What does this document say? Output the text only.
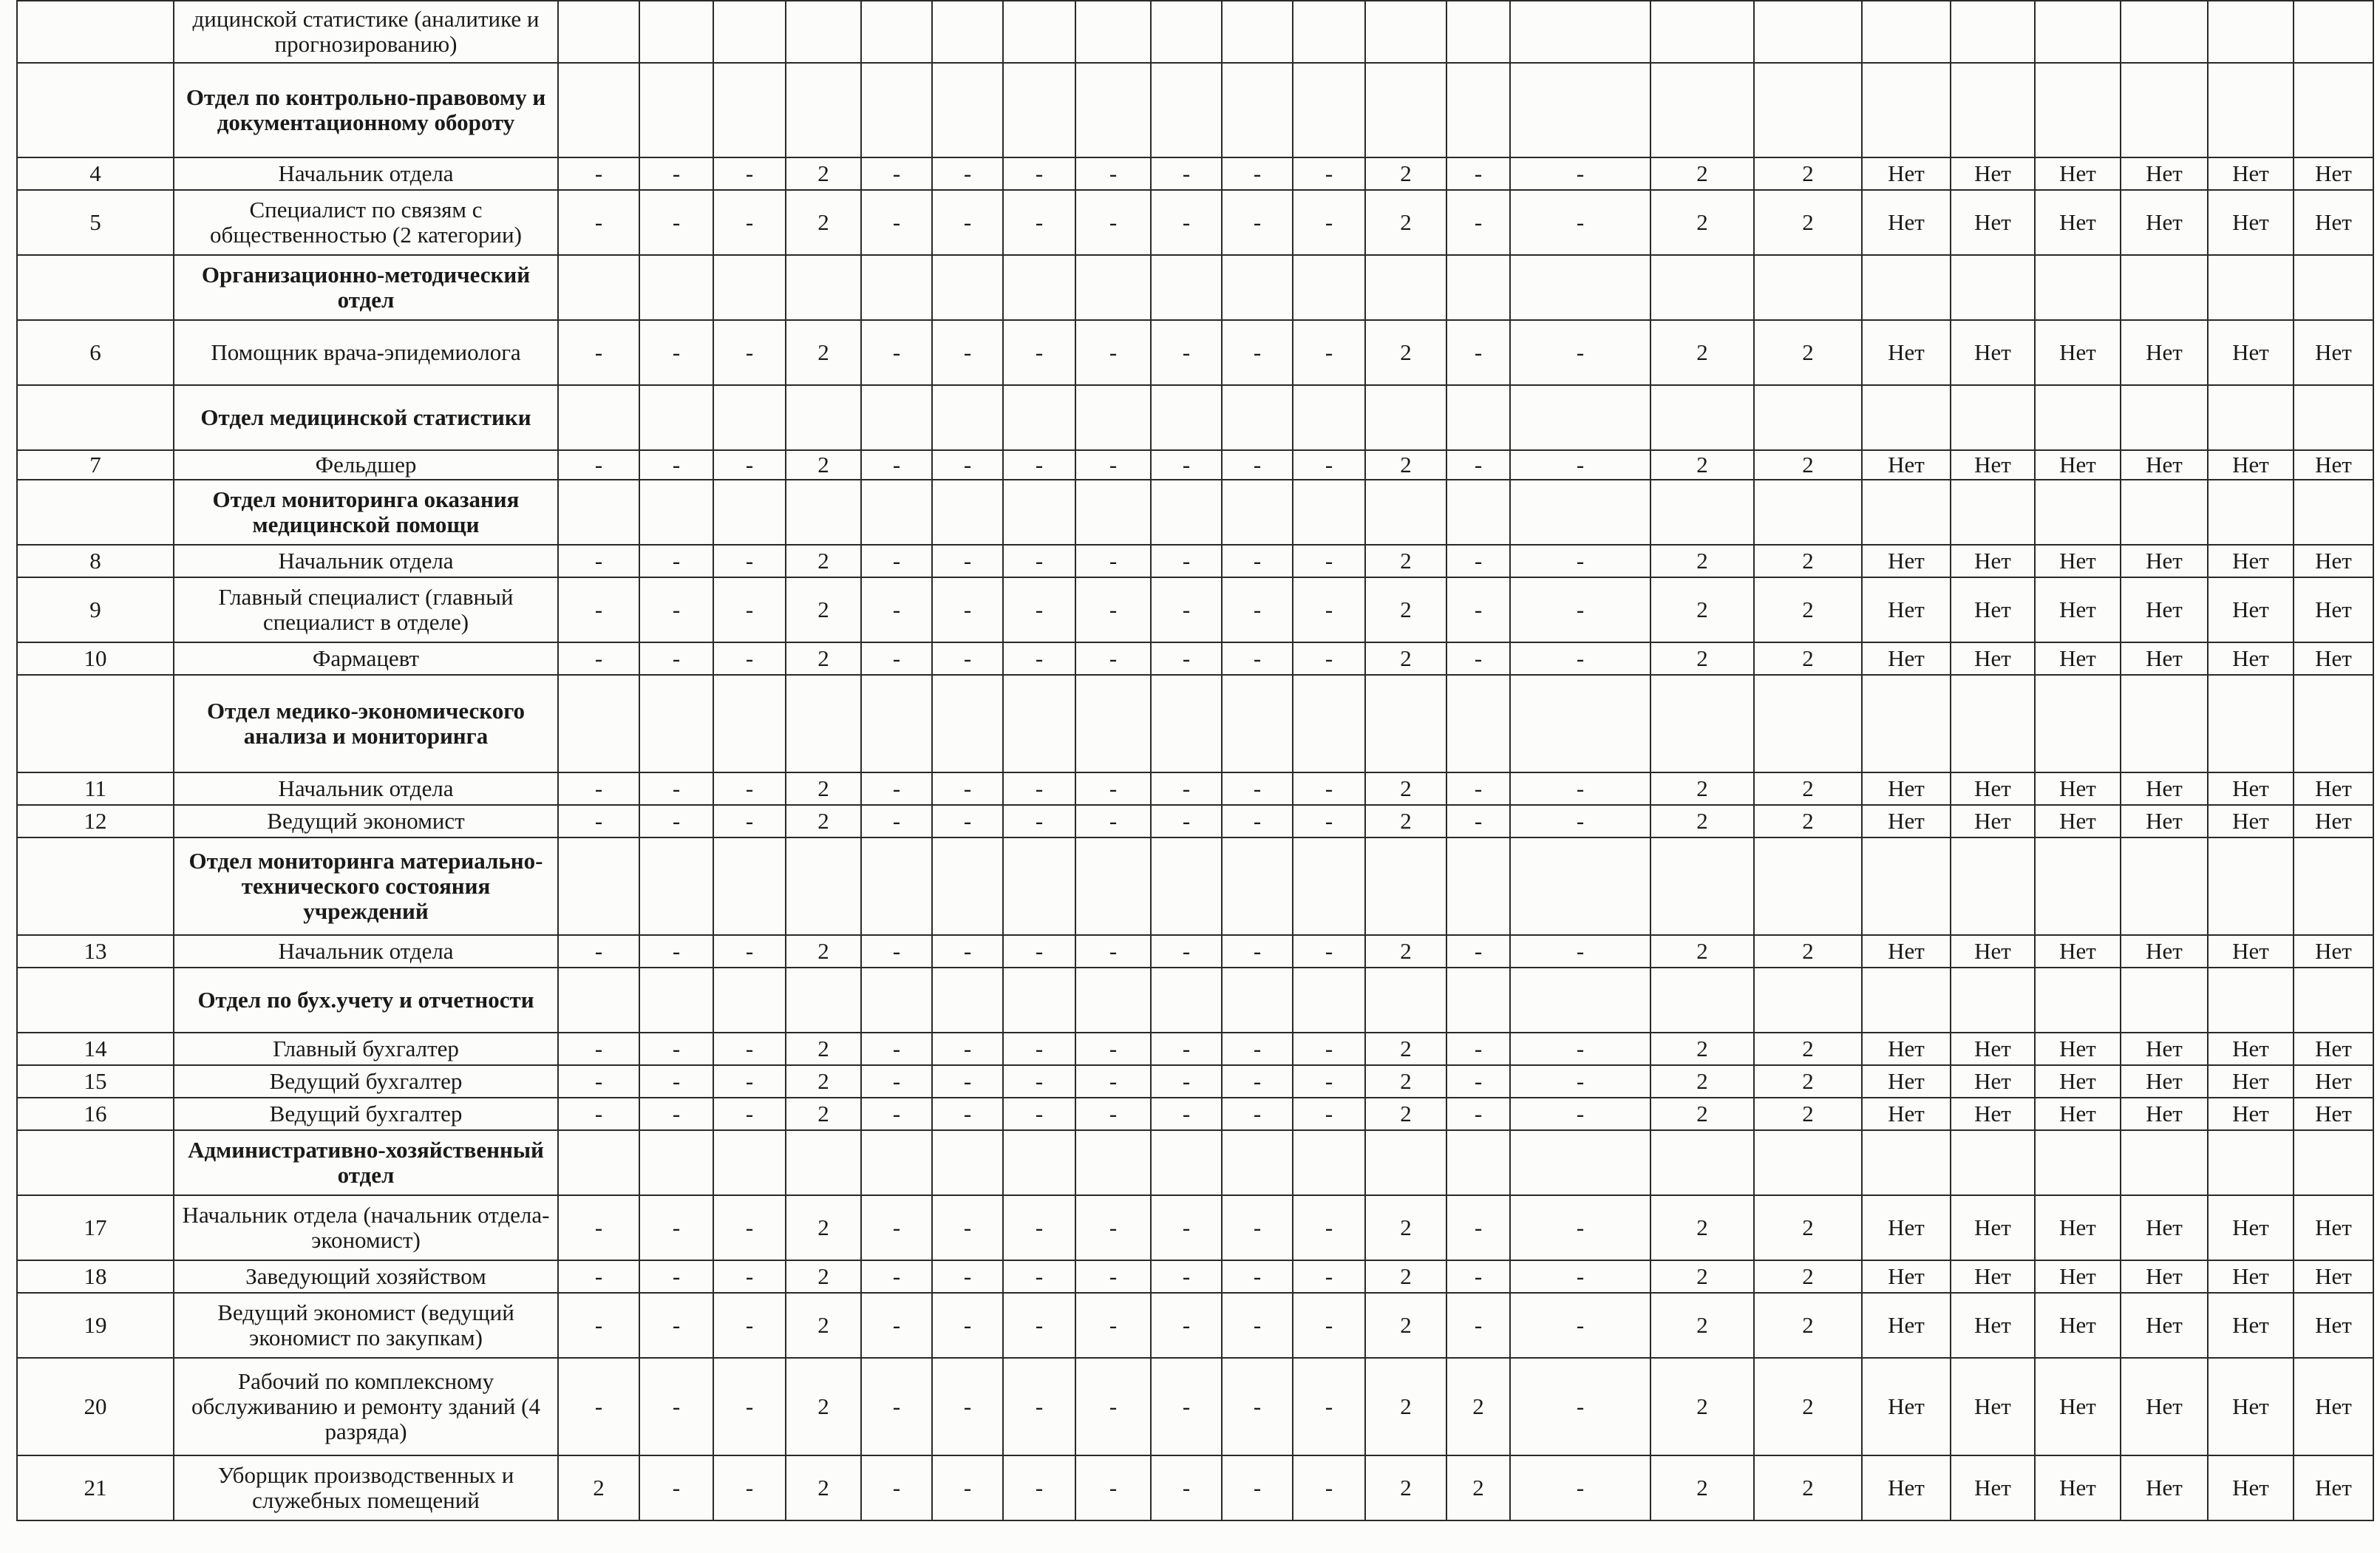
	дицинской статистике (аналитике и прогнозированию)																						
	Отдел по контрольно-правовому и документационному обороту																						
4	Начальник отдела	-	-	-	2	-	-	-	-	-	-	-	2	-	-	2	2	Нет	Нет	Нет	Нет	Нет	Нет
5	Специалист по связям с общественностью (2 категории)	-	-	-	2	-	-	-	-	-	-	-	2	-	-	2	2	Нет	Нет	Нет	Нет	Нет	Нет
	Организационно-методический отдел																						
6	Помощник врача-эпидемиолога	-	-	-	2	-	-	-	-	-	-	-	2	-	-	2	2	Нет	Нет	Нет	Нет	Нет	Нет
	Отдел медицинской статистики																						
7	Фельдшер	-	-	-	2	-	-	-	-	-	-	-	2	-	-	2	2	Нет	Нет	Нет	Нет	Нет	Нет
	Отдел мониторинга оказания медицинской помощи																						
8	Начальник отдела	-	-	-	2	-	-	-	-	-	-	-	2	-	-	2	2	Нет	Нет	Нет	Нет	Нет	Нет
9	Главный специалист (главный специалист в отделе)	-	-	-	2	-	-	-	-	-	-	-	2	-	-	2	2	Нет	Нет	Нет	Нет	Нет	Нет
10	Фармацевт	-	-	-	2	-	-	-	-	-	-	-	2	-	-	2	2	Нет	Нет	Нет	Нет	Нет	Нет
	Отдел медико-экономического анализа и мониторинга																						
11	Начальник отдела	-	-	-	2	-	-	-	-	-	-	-	2	-	-	2	2	Нет	Нет	Нет	Нет	Нет	Нет
12	Ведущий экономист	-	-	-	2	-	-	-	-	-	-	-	2	-	-	2	2	Нет	Нет	Нет	Нет	Нет	Нет
	Отдел мониторинга материально-технического состояния учреждений																						
13	Начальник отдела	-	-	-	2	-	-	-	-	-	-	-	2	-	-	2	2	Нет	Нет	Нет	Нет	Нет	Нет
	Отдел по бух.учету и отчетности																						
14	Главный бухгалтер	-	-	-	2	-	-	-	-	-	-	-	2	-	-	2	2	Нет	Нет	Нет	Нет	Нет	Нет
15	Ведущий бухгалтер	-	-	-	2	-	-	-	-	-	-	-	2	-	-	2	2	Нет	Нет	Нет	Нет	Нет	Нет
16	Ведущий бухгалтер	-	-	-	2	-	-	-	-	-	-	-	2	-	-	2	2	Нет	Нет	Нет	Нет	Нет	Нет
	Административно-хозяйственный отдел																						
17	Начальник отдела (начальник отдела-экономист)	-	-	-	2	-	-	-	-	-	-	-	2	-	-	2	2	Нет	Нет	Нет	Нет	Нет	Нет
18	Заведующий хозяйством	-	-	-	2	-	-	-	-	-	-	-	2	-	-	2	2	Нет	Нет	Нет	Нет	Нет	Нет
19	Ведущий экономист (ведущий экономист по закупкам)	-	-	-	2	-	-	-	-	-	-	-	2	-	-	2	2	Нет	Нет	Нет	Нет	Нет	Нет
20	Рабочий по комплексному обслуживанию и ремонту зданий (4 разряда)	-	-	-	2	-	-	-	-	-	-	-	2	2	-	2	2	Нет	Нет	Нет	Нет	Нет	Нет
21	Уборщик производственных и служебных помещений	2	-	-	2	-	-	-	-	-	-	-	2	2	-	2	2	Нет	Нет	Нет	Нет	Нет	Нет
